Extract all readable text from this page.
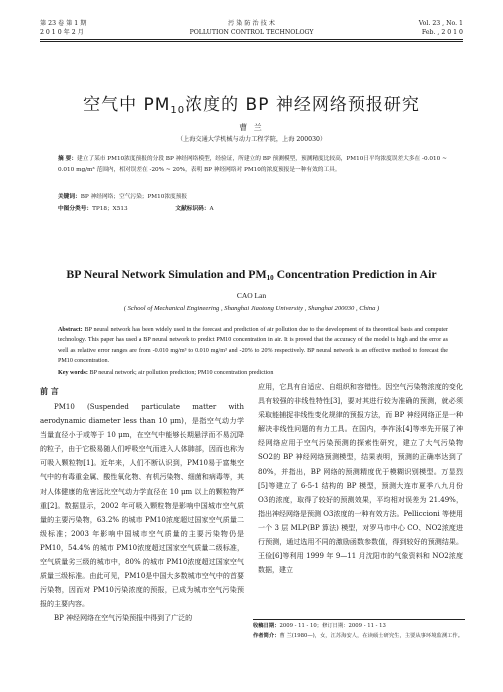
第 23 卷 第 1 期
2 0 1 0 年 2 月
污 染 防 治 技 术
POLLUTION CONTROL TECHNOLOGY
Vol. 23 , No. 1
Feb. , 2 0 1 0
空气中 PM10浓度的 BP 神经网络预报研究
曹 兰
（上海交通大学机械与动力工程学院，上海 200030）
摘 要：建立了某市 PM10浓度预报的分段 BP 神经网络模型，经验证，所建立的 BP 预测模型，预测精度比较高，PM10日平均浓度误差大多在 -0.010 ~ 0.010 mg/m³ 范围内，相对误差在 -20% ~ 20%，表明 BP 神经网络对 PM10的浓度预报是一种有效的工具。
关键词：BP 神经网络；空气污染；PM10浓度预报
中图分类号：TP18；X513	文献标识码：A
BP Neural Network Simulation and PM10 Concentration Prediction in Air
CAO Lan
( School of Mechanical Engineering , Shanghai Jiaotong University , Shanghai 200030 , China )
Abstract: BP neural network has been widely used in the forecast and prediction of air pollution due to the development of its theoretical basis and computer technology. This paper has used a BP neural network to predict PM10 concentration in air. It is proved that the accuracy of the model is high and the error as well as relative error ranges are from -0.010 mg/m³ to 0.010 mg/m³ and -20% to 20% respectively. BP neural network is an effective method to forecast the PM10 concentration.
Key words: BP neural network; air pollution prediction; PM10 concentration prediction
前 言

PM10 (Suspended particulate matter with aerodynamic diameter less than 10 μm)，是指空气动力学当量直径小于或等于 10 μm，在空气中能够长期悬浮而不易沉降的粒子，由于它极易随人们呼吸空气而进入人体肺部，因而也称为可吸入颗粒物[1]。近年来，人们不断认识到，PM10易于富集空气中的有毒重金属、酸性氧化物、有机污染物、细菌和病毒等，其对人体健康的危害远比空气动力学直径在 10 μm 以上的颗粒物严重[2]。数据显示，2002 年可吸入颗粒物是影响中国城市空气质量的主要污染物，63.2% 的城市 PM10浓度超过国家空气质量二级标准；2003 年影响中国城市空气质量的主要污染物仍是 PM10，54.4% 的城市 PM10浓度超过国家空气质量二级标准，空气质量劣三级的城市中，80% 的城市 PM10浓度超过国家空气质量三级标准。由此可见，PM10是中国大多数城市空气中的首要污染物，因而对 PM10污染浓度的预报，已成为城市空气污染预报的主要内容。

BP 神经网络在空气污染预报中得到了广泛的

应用，它具有自适应、自组织和容错性。因空气污染物浓度的变化具有较强的非线性特性[3]，要对其进行较为准确的预测，就必须采取能捕捉非线性变化规律的预报方法，而 BP 神经网络正是一种解决非线性问题的有力工具。在国内，李祚泳[4]等率先开展了神经网络应用于空气污染预测的探索性研究，建立了大气污染物 SO2的 BP 神经网络预测模型，结果表明，预测的正确率达到了 80%，并指出，BP 网络的预测精度优于模糊识别模型。万显烈[5]等建立了 6-5-1 结构的 BP 模型，预测大连市夏季八九月份 O3的浓度，取得了较好的预测效果，平均相对误差为 21.49%，指出神经网络是预测 O3浓度的一种有效方法。Pelliccioni 等使用一个 3 层 MLP(BP 算法) 模型，对罗马市中心 CO、NO2浓度进行预测，通过选用不同的激励函数参数值，得到较好的预测结果。王俭[6]等利用 1999 年 9—11 月沈阳市的气象资料和 NO2浓度数据，建立

收稿日期：2009 - 11 - 10；修订日期：2009 - 11 - 13
作者简介：曹 兰(1980—)，女，江苏海安人，在读硕士研究生，主要从事环境监测工作。
